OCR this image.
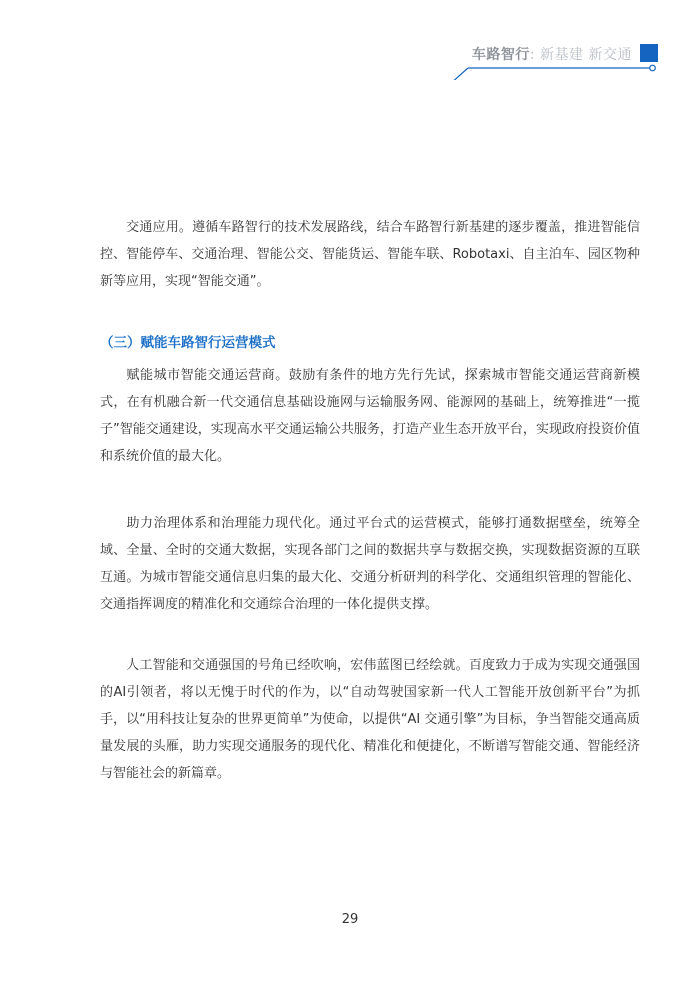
车路智行: 新基建 新交通

交通应用。遵循车路智行的技术发展路线，结合车路智行新基建的逐步覆盖，推进智能信控、智能停车、交通治理、智能公交、智能货运、智能车联、Robotaxi、自主泊车、园区物种新等应用，实现“智能交通”。

（三）赋能车路智行运营模式

赋能城市智能交通运营商。鼓励有条件的地方先行先试，探索城市智能交通运营商新模式，在有机融合新一代交通信息基础设施网与运输服务网、能源网的基础上，统筹推进“一揽子”智能交通建设，实现高水平交通运输公共服务，打造产业生态开放平台，实现政府投资价值和系统价值的最大化。

助力治理体系和治理能力现代化。通过平台式的运营模式，能够打通数据壁垒，统筹全域、全量、全时的交通大数据，实现各部门之间的数据共享与数据交换，实现数据资源的互联互通。为城市智能交通信息归集的最大化、交通分析研判的科学化、交通组织管理的智能化、交通指挥调度的精准化和交通综合治理的一体化提供支撑。

人工智能和交通强国的号角已经吹响，宏伟蓝图已经绘就。百度致力于成为实现交通强国的AI引领者，将以无愧于时代的作为，以“自动驾驶国家新一代人工智能开放创新平台”为抓手，以“用科技让复杂的世界更简单”为使命，以提供“AI 交通引擎”为目标，争当智能交通高质量发展的头雁，助力实现交通服务的现代化、精准化和便捷化，不断谱写智能交通、智能经济与智能社会的新篇章。

29
